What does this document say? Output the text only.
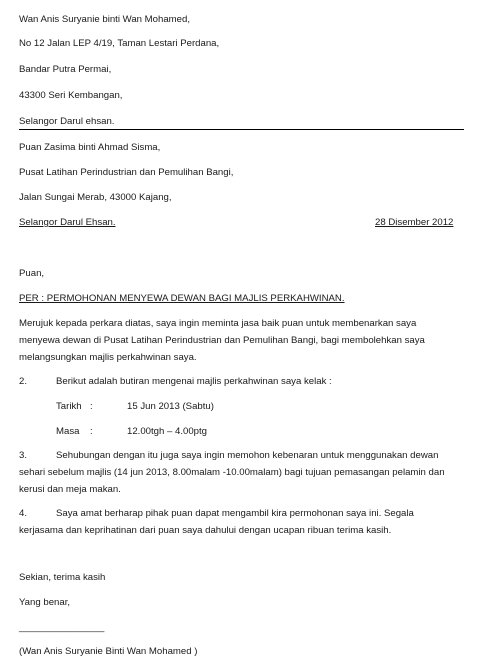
Wan Anis Suryanie binti Wan Mohamed,
No 12 Jalan LEP 4/19, Taman Lestari Perdana,
Bandar Putra Permai,
43300 Seri Kembangan,
Selangor Darul ehsan.
Puan Zasima binti Ahmad Sisma,
Pusat Latihan Perindustrian dan Pemulihan Bangi,
Jalan Sungai Merab, 43000 Kajang,
Selangor Darul Ehsan.	28 Disember 2012
Puan,
PER : PERMOHONAN MENYEWA DEWAN BAGI MAJLIS PERKAHWINAN.
Merujuk kepada perkara diatas, saya ingin meminta jasa baik puan untuk membenarkan saya
menyewa dewan di Pusat Latihan Perindustrian dan Pemulihan Bangi, bagi membolehkan saya
melangsungkan majlis perkahwinan saya.
2.	Berikut adalah butiran mengenai majlis perkahwinan saya kelak :
Tarikh :	15 Jun 2013 (Sabtu)
Masa :	12.00tgh – 4.00ptg
3.	Sehubungan dengan itu juga saya ingin memohon kebenaran untuk menggunakan dewan
sehari sebelum majlis (14 jun 2013, 8.00malam -10.00malam) bagi tujuan pemasangan pelamin dan
kerusi dan meja makan.
4.	Saya amat berharap pihak puan dapat mengambil kira permohonan saya ini. Segala
kerjasama dan keprihatinan dari puan saya dahului dengan ucapan ribuan terima kasih.
Sekian, terima kasih
Yang benar,
________________
(Wan Anis Suryanie Binti Wan Mohamed )
